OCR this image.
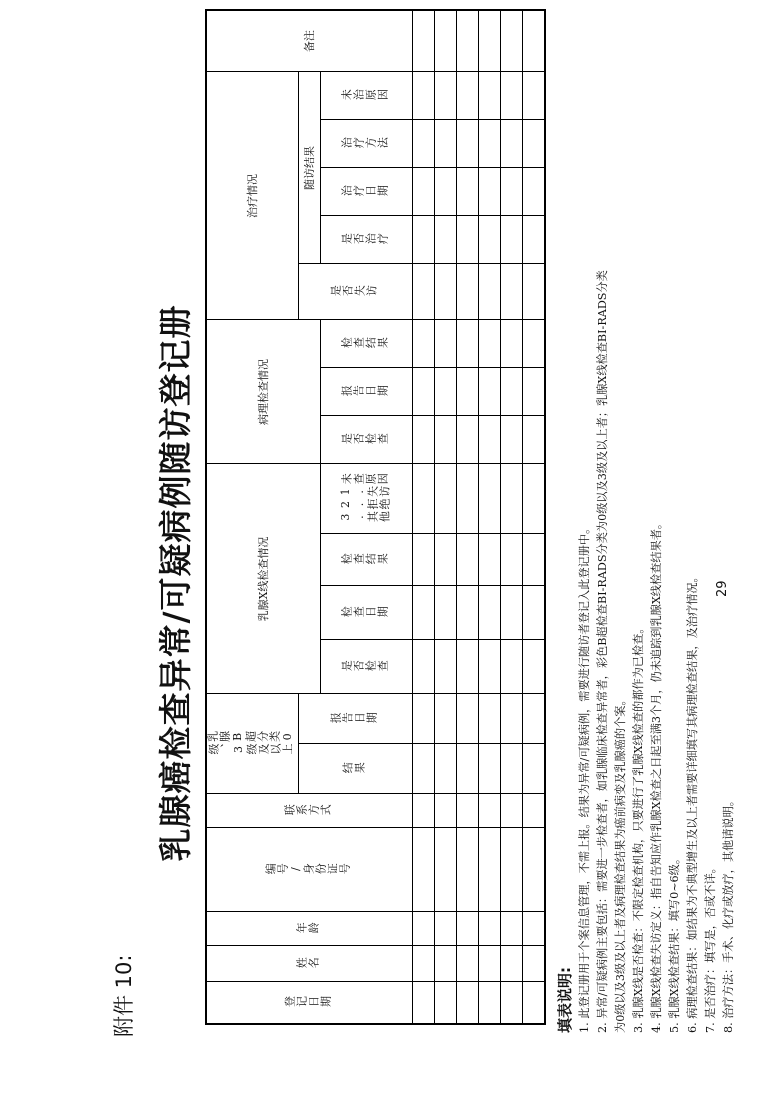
附件 10:
乳腺癌检查异常/可疑病例随访登记册
登记日期	姓名	年龄	编号/身份证号	联系方式	乳腺B超分类0级、3级及以上		乳腺X线检查情况				病理检查情况			治疗情况					备注

					结果	报告日期								是否失访	随访结果				
							是否检查	检查日期	检查结果	未查原因 1.失访 2.拒绝 3.其他	是否检查	报告日期	检查结果		是否治疗	治疗日期	治疗方法	未治原因	

填表说明: 1. 此登记册用于个案信息管理，不需上报。结果为异常/可疑病例，需要进行随访者登记入此登记册中。 2. 异常/可疑病例主要包括：需要进一步检查者，如乳腺临床检查异常者，彩色B超检查BI-RADS分类为0级以及3级及以上者；乳腺X线检查BI-RADS分类 为0级以及3级及以上者及病理检查结果为癌前病变及乳腺癌的个案。 3. 乳腺X线是否检查：不限定检查机构，只要进行了乳腺X线检查的都作为已检查。 4. 乳腺X线检查失访定义：指自告知应作乳腺X检查之日起至满3个月，仍未追踪到乳腺X线检查结果者。 5. 乳腺X线检查结果：填写0~6级。 6. 病理检查结果：如结果为不典型增生及以上者需要详细填写其病理检查结果，及治疗情况。 7. 是否治疗：填写是，否或不详。 8. 治疗方法：手术、化疗或放疗，其他请说明。
29
